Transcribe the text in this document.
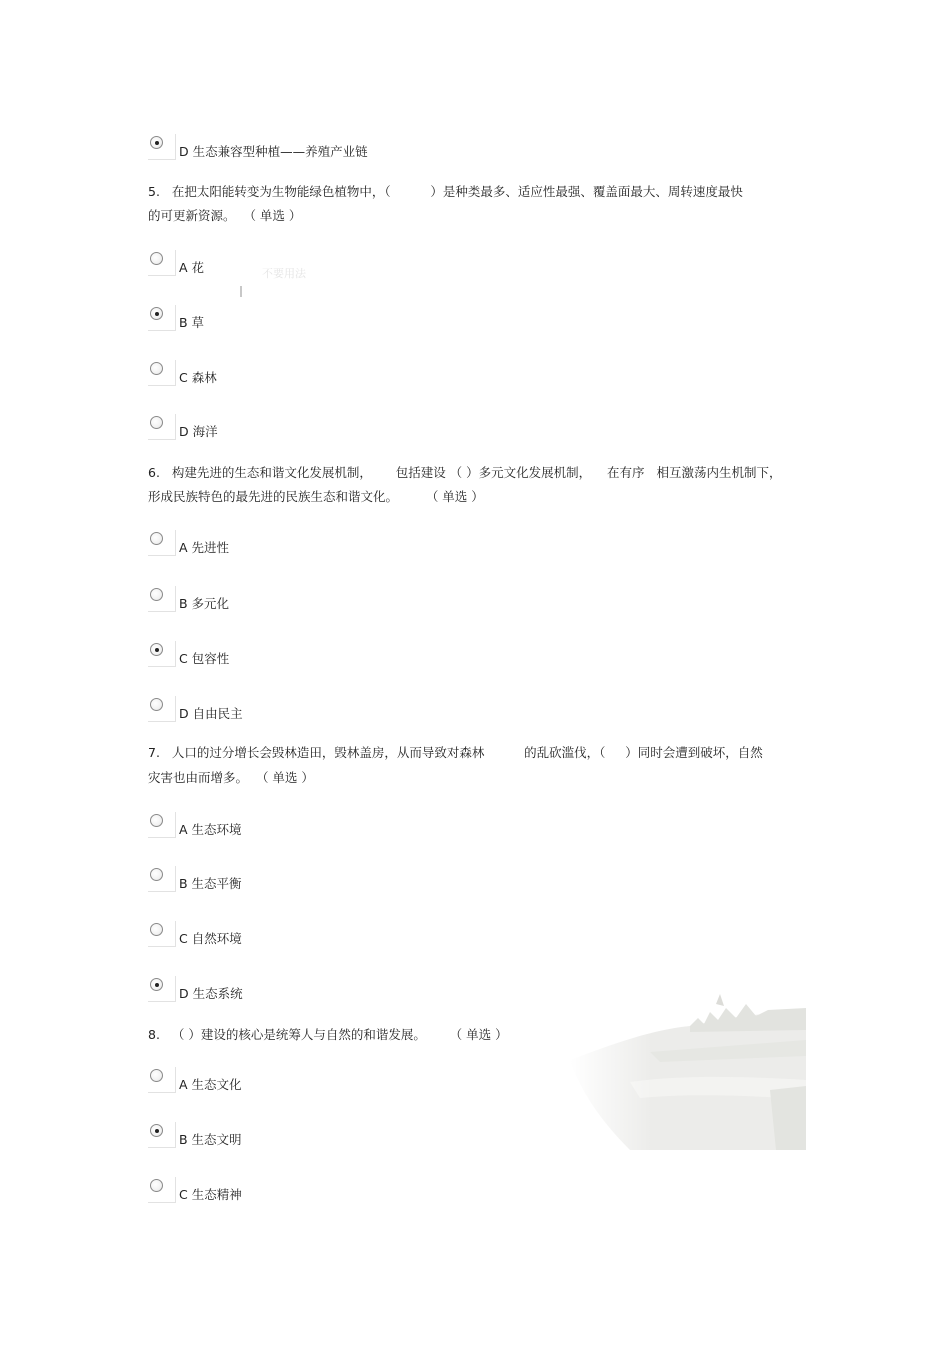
D 生态兼容型种植——养殖产业链
5.   在把太阳能转变为生物能绿色植物中，（          ）是种类最多、适应性最强、覆盖面最大、周转速度最快
的可更新资源。  （ 单选 ）
A 花	不要用法
B 草
C 森林
D 海洋
6.   构建先进的生态和谐文化发展机制，      包括建设 （ ）多元文化发展机制，    在有序   相互激荡内生机制下，
形成民族特色的最先进的民族生态和谐文化。       （ 单选 ）
A 先进性
B 多元化
C 包容性
D 自由民主
7.   人口的过分增长会毁林造田，毁林盖房，从而导致对森林          的乱砍滥伐，（     ）同时会遭到破坏，自然
灾害也由而增多。  （ 单选 ）
A 生态环境
B 生态平衡
C 自然环境
D 生态系统
8.   （ ）建设的核心是统筹人与自然的和谐发展。      （ 单选 ）
A 生态文化
B 生态文明
C 生态精神
